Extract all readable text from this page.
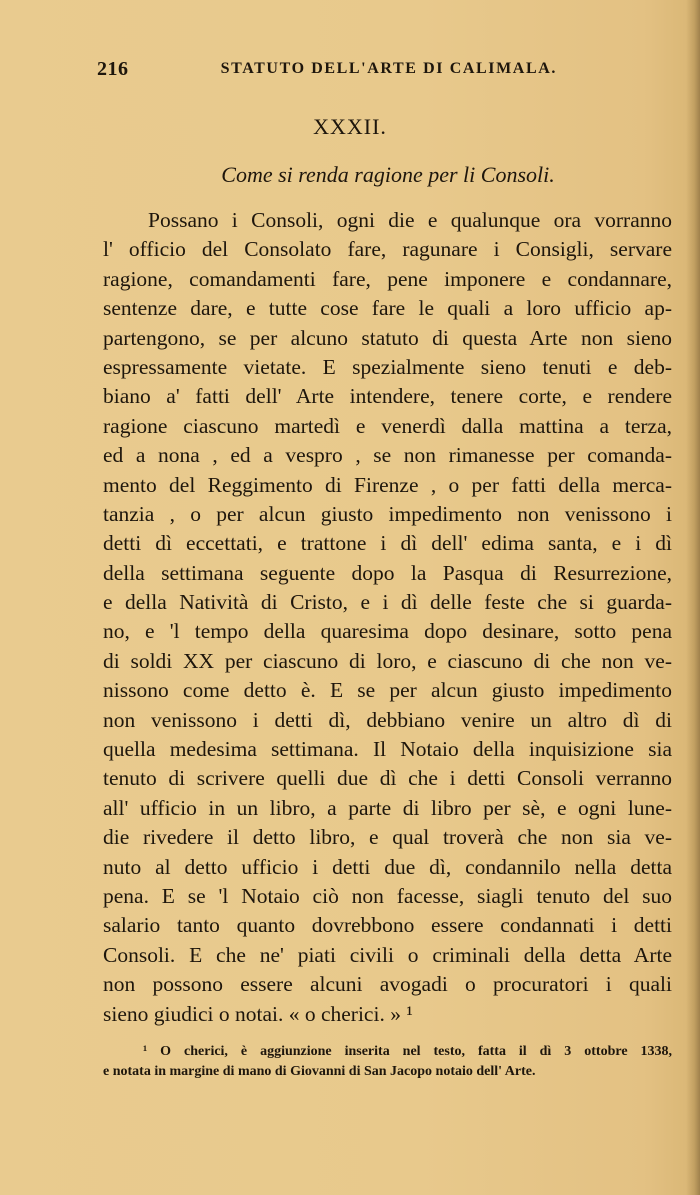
216	STATUTO DELL'ARTE DI CALIMALA.
XXXII.
Come si renda ragione per li Consoli.
Possano i Consoli, ogni die e qualunque ora vorranno
l' officio del Consolato fare, ragunare i Consigli, servare
ragione, comandamenti fare, pene imponere e condannare,
sentenze dare, e tutte cose fare le quali a loro ufficio ap-
partengono, se per alcuno statuto di questa Arte non sieno
espressamente vietate. E spezialmente sieno tenuti e deb-
biano a' fatti dell' Arte intendere, tenere corte, e rendere
ragione ciascuno martedì e venerdì dalla mattina a terza,
ed a nona , ed a vespro , se non rimanesse per comanda-
mento del Reggimento di Firenze , o per fatti della merca-
tanzia , o per alcun giusto impedimento non venissono i
detti dì eccettati, e trattone i dì dell' edima santa, e i dì
della settimana seguente dopo la Pasqua di Resurrezione,
e della Natività di Cristo, e i dì delle feste che si guarda-
no, e 'l tempo della quaresima dopo desinare, sotto pena
di soldi XX per ciascuno di loro, e ciascuno di che non ve-
nissono come detto è. E se per alcun giusto impedimento
non venissono i detti dì, debbiano venire un altro dì di
quella medesima settimana. Il Notaio della inquisizione sia
tenuto di scrivere quelli due dì che i detti Consoli verranno
all' ufficio in un libro, a parte di libro per sè, e ogni lune-
die rivedere il detto libro, e qual troverà che non sia ve-
nuto al detto ufficio i detti due dì, condannilo nella detta
pena. E se 'l Notaio ciò non facesse, siagli tenuto del suo
salario tanto quanto dovrebbono essere condannati i detti
Consoli. E che ne' piati civili o criminali della detta Arte
non possono essere alcuni avogadi o procuratori i quali
sieno giudici o notai. « o cherici. » ¹
¹ O cherici, è aggiunzione inserita nel testo, fatta il dì 3 ottobre 1338,
e notata in margine di mano di Giovanni di San Jacopo notaio dell' Arte.
